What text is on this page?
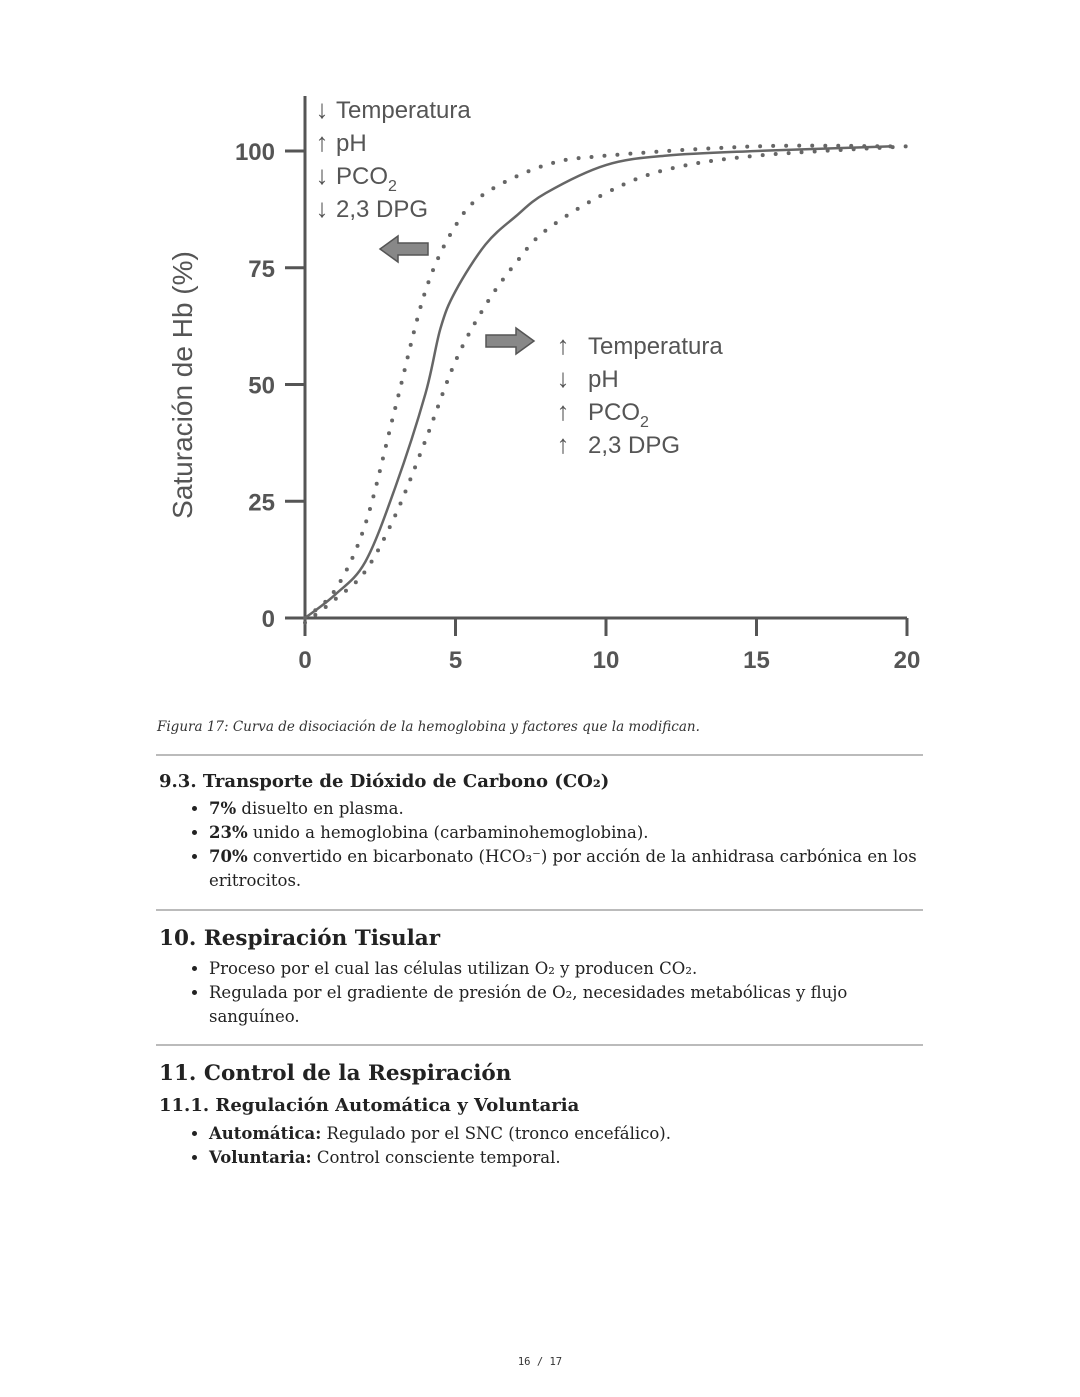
0
25
50
75
100
0	5	10	15	20
↓ Temperatura
↑ pH
↓ $PCO_2$
↓ 2,3 DPG
↑ Temperatura
↓ pH
↑ $PCO_2$
↑ 2,3 DPG
Saturación de Hb (%)
Figura 17: Curva de disociación de la hemoglobina y factores que la modifican.
9.3. Transporte de Dióxido de Carbono (CO₂)
• 7% disuelto en plasma.
• 23% unido a hemoglobina (carbaminohemoglobina).
• 70% convertido en bicarbonato (HCO₃⁻) por acción de la anhidrasa carbónica en los eritrocitos.
10. Respiración Tisular
• Proceso por el cual las células utilizan O₂ y producen CO₂.
• Regulada por el gradiente de presión de O₂, necesidades metabólicas y flujo sanguíneo.
11. Control de la Respiración
11.1. Regulación Automática y Voluntaria
• Automática: Regulado por el SNC (tronco encefálico).
• Voluntaria: Control consciente temporal.
16 / 17
